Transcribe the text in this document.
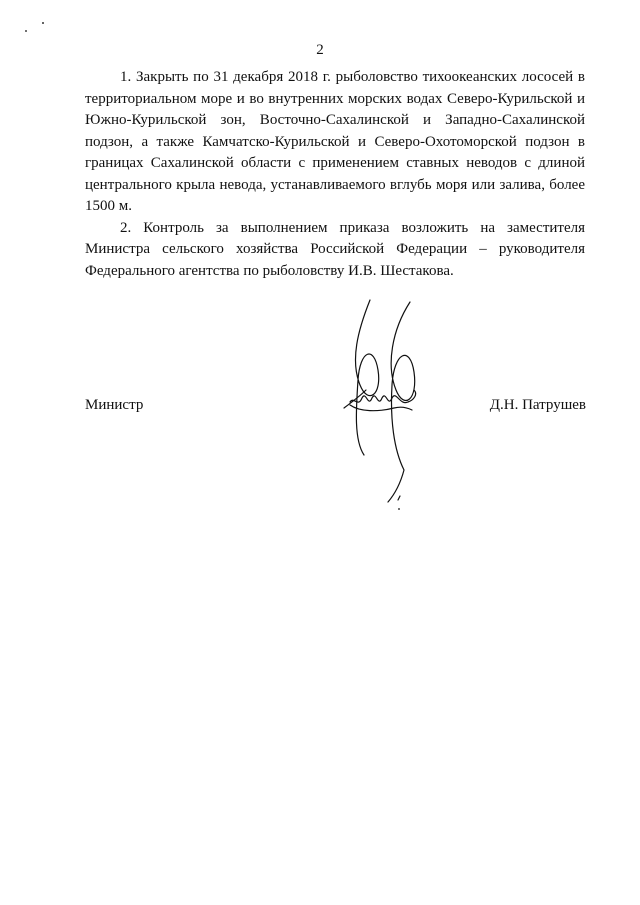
2

1. Закрыть по 31 декабря 2018 г. рыболовство тихоокеанских лососей в территориальном море и во внутренних морских водах Северо-Курильской и Южно-Курильской зон, Восточно-Сахалинской и Западно-Сахалинской подзон, а также Камчатско-Курильской и Северо-Охотоморской подзон в границах Сахалинской области с применением ставных неводов с длиной центрального крыла невода, устанавливаемого вглубь моря или залива, более 1500 м.

2. Контроль за выполнением приказа возложить на заместителя Министра сельского хозяйства Российской Федерации – руководителя Федерального агентства по рыболовству И.В. Шестакова.

Министр	Д.Н. Патрушев
